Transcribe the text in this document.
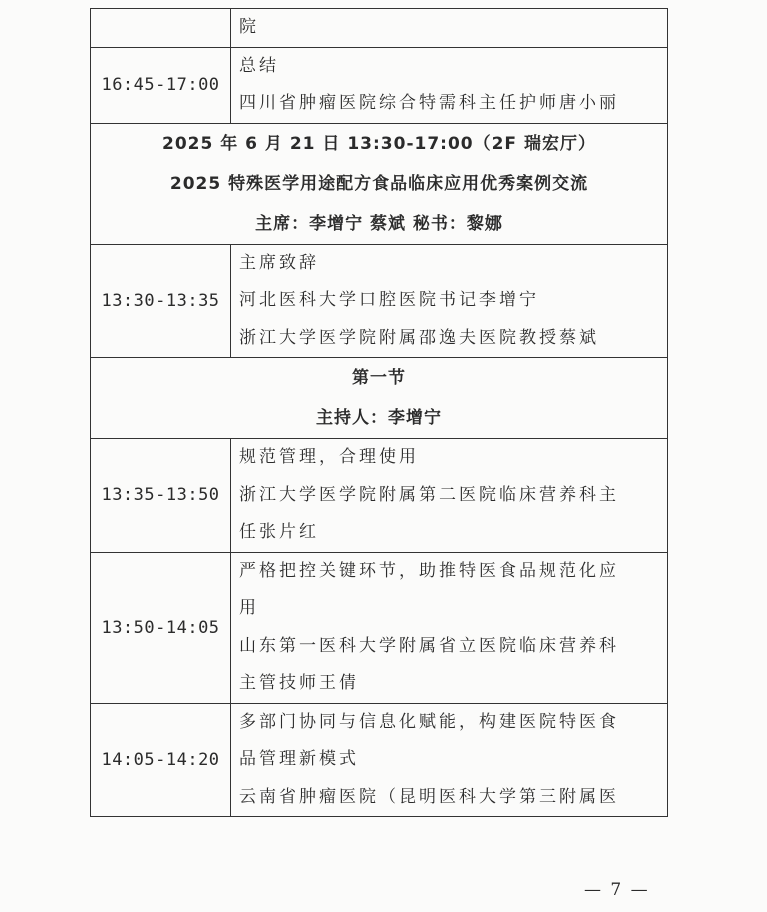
	院

16:45-17:00	总结
四川省肿瘤医院综合特需科主任护师唐小丽

2025 年 6 月 21 日 13:30-17:00（2F 瑞宏厅）
2025 特殊医学用途配方食品临床应用优秀案例交流
主席：李增宁 蔡斌 秘书：黎娜	

13:30-13:35	主席致辞
河北医科大学口腔医院书记李增宁
浙江大学医学院附属邵逸夫医院教授蔡斌

第一节
主持人：李增宁	

13:35-13:50	规范管理，合理使用
浙江大学医学院附属第二医院临床营养科主
任张片红

13:50-14:05	严格把控关键环节，助推特医食品规范化应
用
山东第一医科大学附属省立医院临床营养科
主管技师王倩

14:05-14:20	多部门协同与信息化赋能，构建医院特医食
品管理新模式
云南省肿瘤医院（昆明医科大学第三附属医
— 7 —
